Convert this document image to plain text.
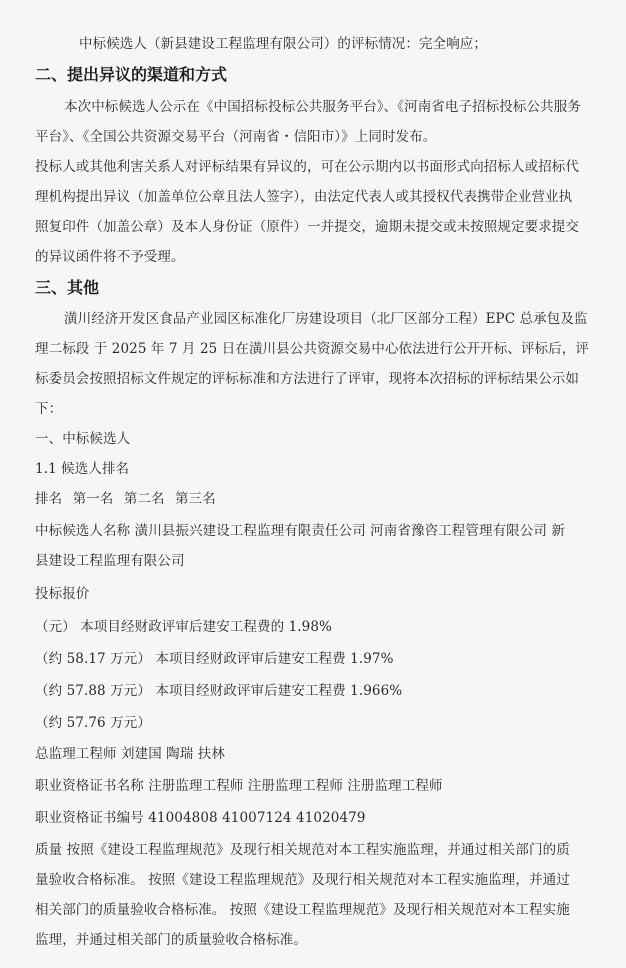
中标候选人（新县建设工程监理有限公司）的评标情况：完全响应；
二、提出异议的渠道和方式
本次中标候选人公示在《中国招标投标公共服务平台》、《河南省电子招标投标公共服务
平台》、《全国公共资源交易平台（河南省・信阳市）》上同时发布。
投标人或其他利害关系人对评标结果有异议的，可在公示期内以书面形式向招标人或招标代
理机构提出异议（加盖单位公章且法人签字），由法定代表人或其授权代表携带企业营业执
照复印件（加盖公章）及本人身份证（原件）一并提交，逾期未提交或未按照规定要求提交
的异议函件将不予受理。
三、其他
潢川经济开发区食品产业园区标准化厂房建设项目（北厂区部分工程）EPC 总承包及监
理二标段 于 2025 年 7 月 25 日在潢川县公共资源交易中心依法进行公开开标、评标后，评
标委员会按照招标文件规定的评标标准和方法进行了评审，现将本次招标的评标结果公示如
下：
一、中标候选人
1.1 候选人排名
排名 第一名 第二名 第三名
中标候选人名称 潢川县振兴建设工程监理有限责任公司 河南省豫咨工程管理有限公司 新
县建设工程监理有限公司
投标报价
（元） 本项目经财政评审后建安工程费的 1.98%
（约 58.17 万元） 本项目经财政评审后建安工程费 1.97%
（约 57.88 万元） 本项目经财政评审后建安工程费 1.966%
（约 57.76 万元）
总监理工程师 刘建国 陶瑞 扶林
职业资格证书名称 注册监理工程师 注册监理工程师 注册监理工程师
职业资格证书编号 41004808 41007124 41020479
质量 按照《建设工程监理规范》及现行相关规范对本工程实施监理，并通过相关部门的质
量验收合格标准。 按照《建设工程监理规范》及现行相关规范对本工程实施监理，并通过
相关部门的质量验收合格标准。 按照《建设工程监理规范》及现行相关规范对本工程实施
监理，并通过相关部门的质量验收合格标准。
